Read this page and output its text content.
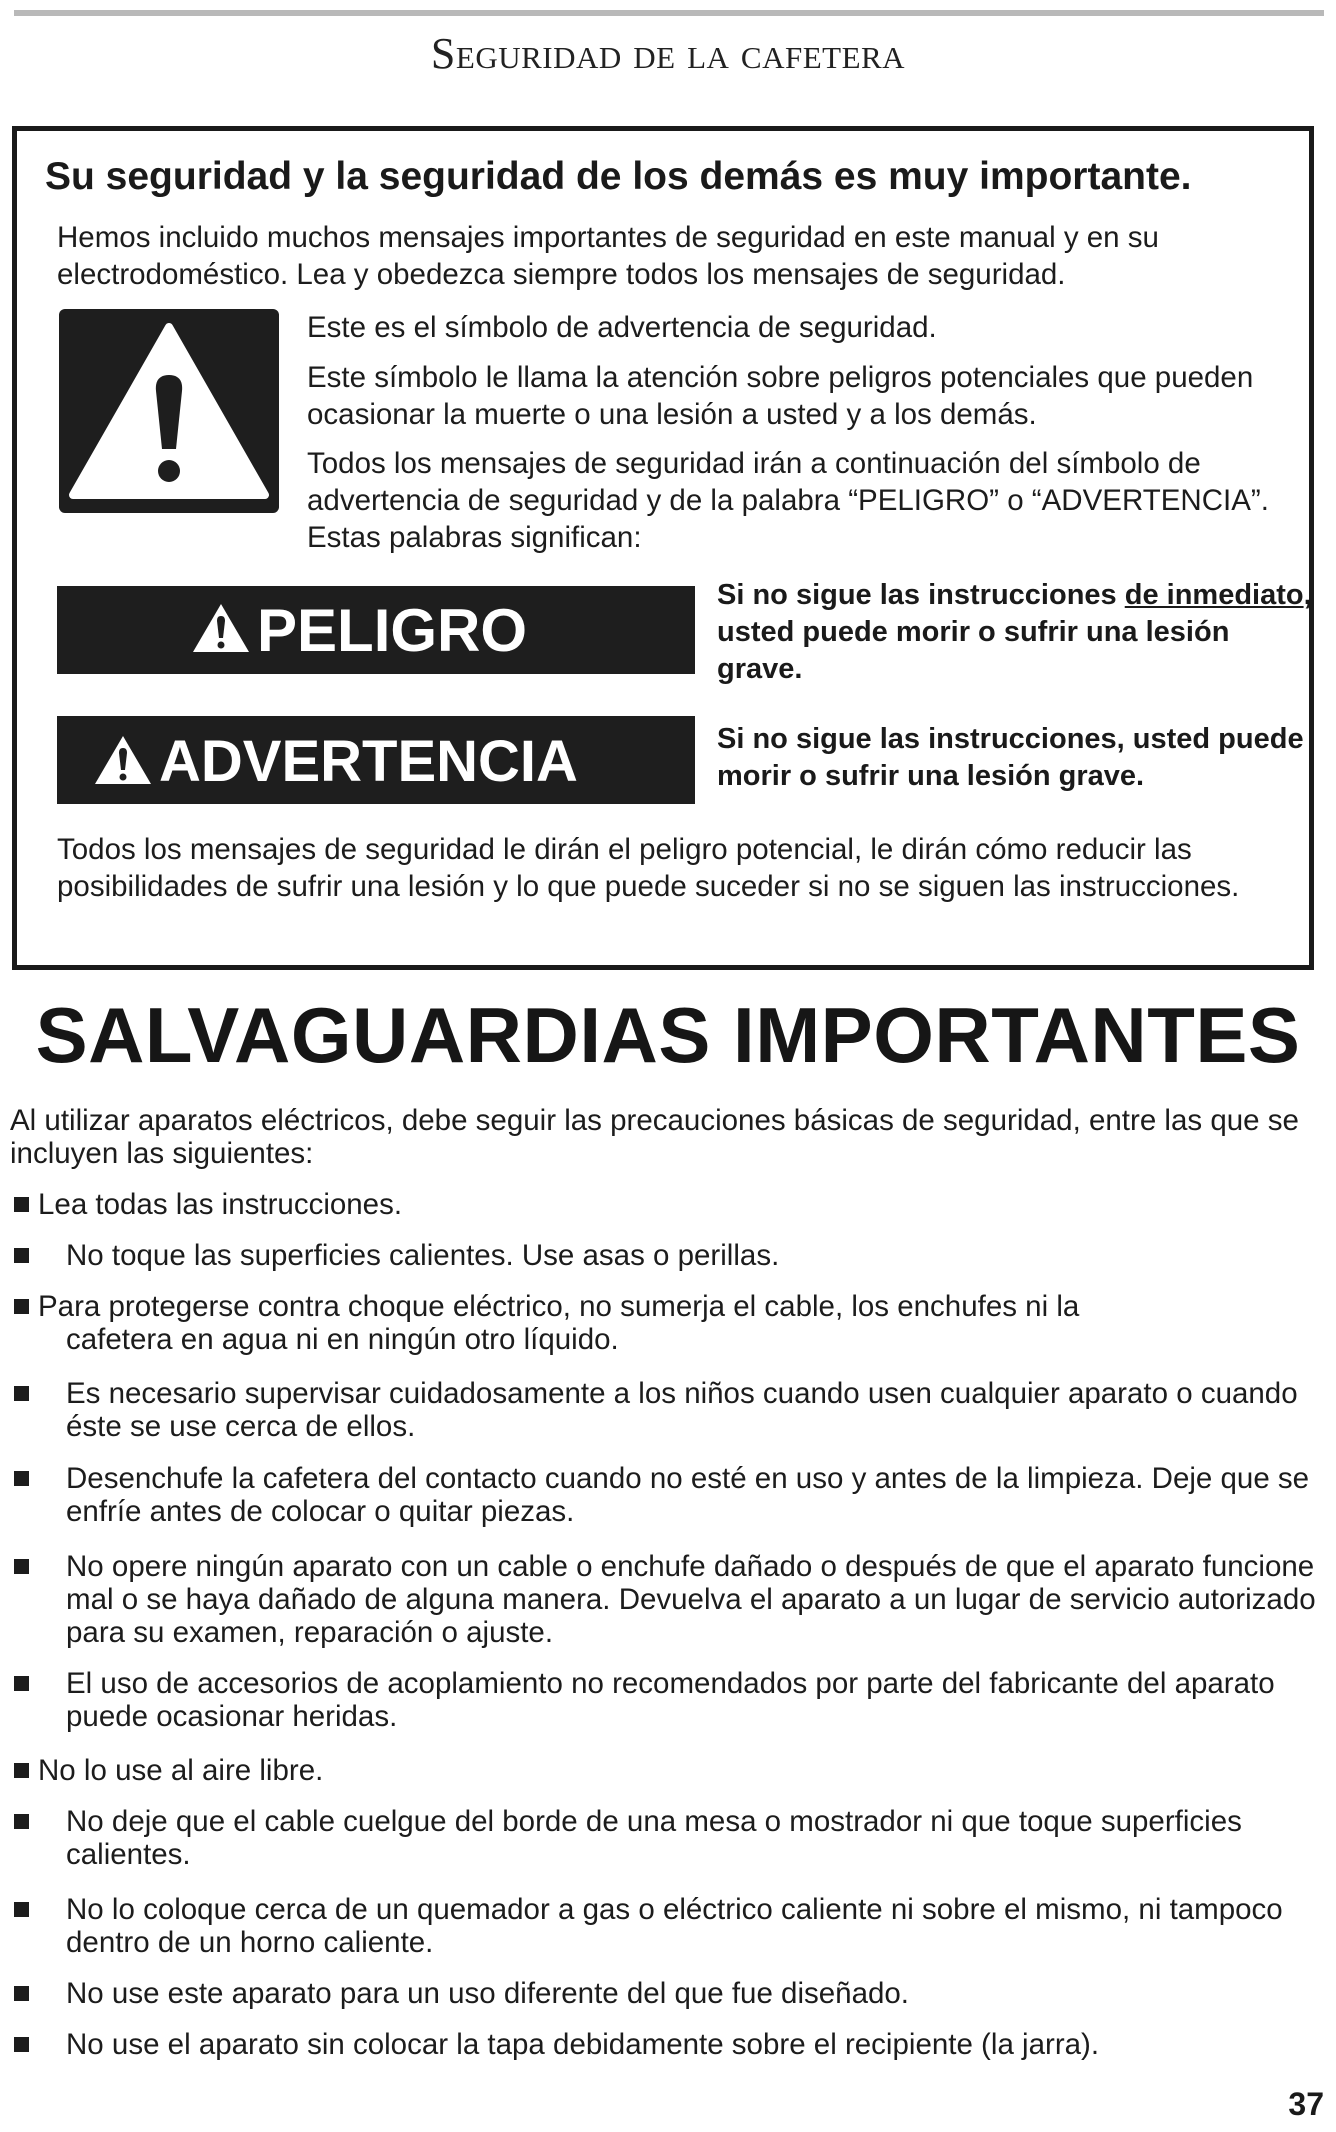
Seguridad de la cafetera
Su seguridad y la seguridad de los demás es muy importante.

Hemos incluido muchos mensajes importantes de seguridad en este manual y en su electrodoméstico. Lea y obedezca siempre todos los mensajes de seguridad.

Este es el símbolo de advertencia de seguridad.

Este símbolo le llama la atención sobre peligros potenciales que pueden ocasionar la muerte o una lesión a usted y a los demás.

Todos los mensajes de seguridad irán a continuación del símbolo de advertencia de seguridad y de la palabra “PELIGRO” o “ADVERTENCIA”. Estas palabras significan:

PELIGRO

Si no sigue las instrucciones de inmediato, usted puede morir o sufrir una lesión grave.

ADVERTENCIA	Si no sigue las instrucciones, usted puede morir o sufrir una lesión grave.

Todos los mensajes de seguridad le dirán el peligro potencial, le dirán cómo reducir las posibilidades de sufrir una lesión y lo que puede suceder si no se siguen las instrucciones.

SALVAGUARDIAS IMPORTANTES

Al utilizar aparatos eléctricos, debe seguir las precauciones básicas de seguridad, entre las que se incluyen las siguientes:

Lea todas las instrucciones.
No toque las superficies calientes. Use asas o perillas.
Para protegerse contra choque eléctrico, no sumerja el cable, los enchufes ni la
cafetera en agua ni en ningún otro líquido.
Es necesario supervisar cuidadosamente a los niños cuando usen cualquier aparato o cuando éste se use cerca de ellos.
Desenchufe la cafetera del contacto cuando no esté en uso y antes de la limpieza. Deje que se enfríe antes de colocar o quitar piezas.
No opere ningún aparato con un cable o enchufe dañado o después de que el aparato funcione mal o se haya dañado de alguna manera. Devuelva el aparato a un lugar de servicio autorizado para su examen, reparación o ajuste.
El uso de accesorios de acoplamiento no recomendados por parte del fabricante del aparato puede ocasionar heridas.
No lo use al aire libre.
No deje que el cable cuelgue del borde de una mesa o mostrador ni que toque superficies calientes.
No lo coloque cerca de un quemador a gas o eléctrico caliente ni sobre el mismo, ni tampoco dentro de un horno caliente.
No use este aparato para un uso diferente del que fue diseñado.
No use el aparato sin colocar la tapa debidamente sobre el recipiente (la jarra).
37
